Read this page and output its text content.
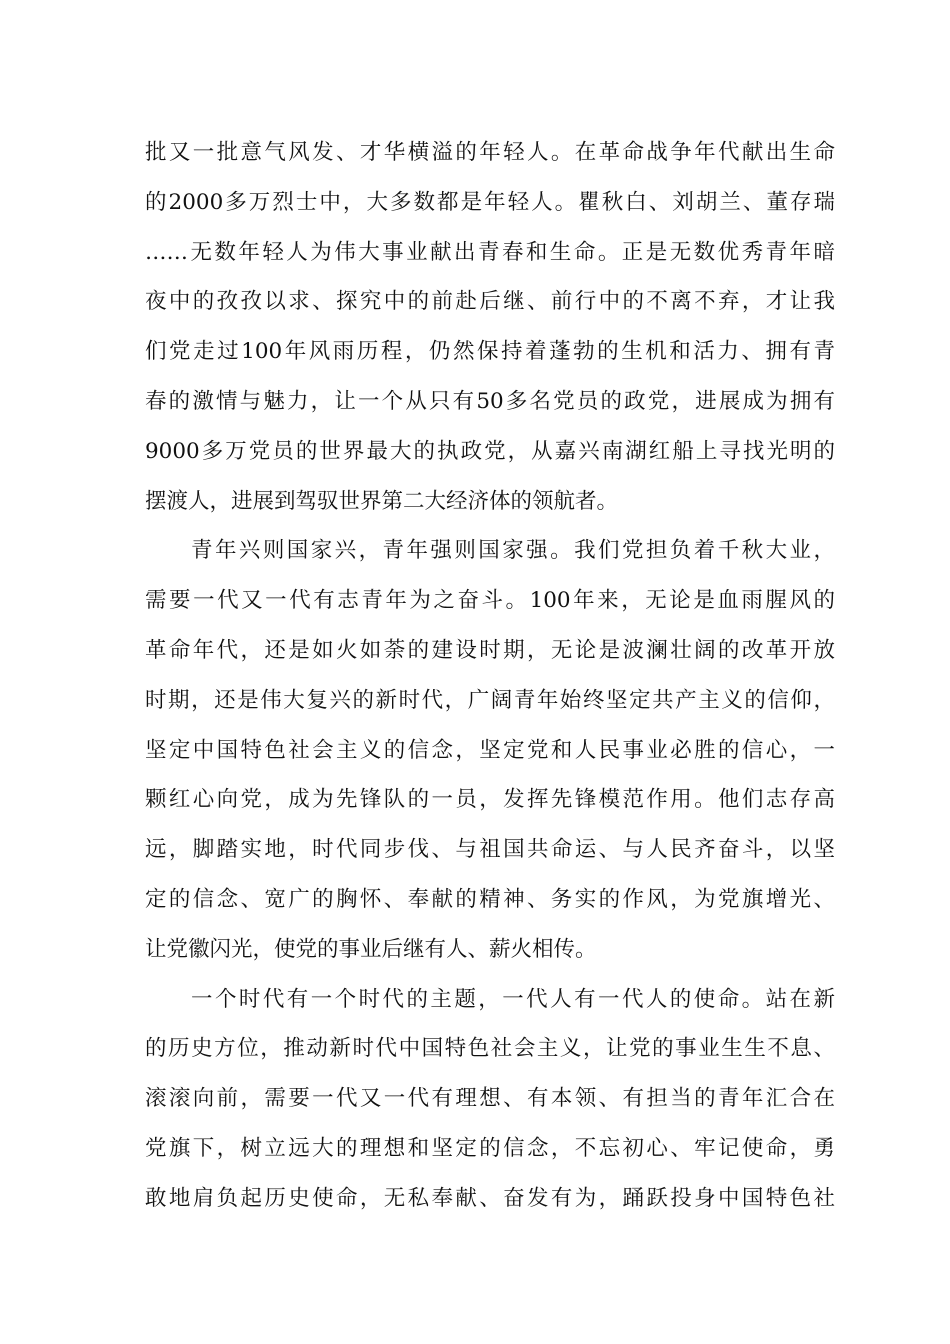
批又一批意气风发、才华横溢的年轻人。在革命战争年代献出生命
的2000多万烈士中，大多数都是年轻人。瞿秋白、刘胡兰、董存瑞
……无数年轻人为伟大事业献出青春和生命。正是无数优秀青年暗
夜中的孜孜以求、探究中的前赴后继、前行中的不离不弃，才让我
们党走过100年风雨历程，仍然保持着蓬勃的生机和活力、拥有青
春的激情与魅力，让一个从只有50多名党员的政党，进展成为拥有
9000多万党员的世界最大的执政党，从嘉兴南湖红船上寻找光明的
摆渡人，进展到驾驭世界第二大经济体的领航者。
青年兴则国家兴，青年强则国家强。我们党担负着千秋大业，
需要一代又一代有志青年为之奋斗。100年来，无论是血雨腥风的
革命年代，还是如火如荼的建设时期，无论是波澜壮阔的改革开放
时期，还是伟大复兴的新时代，广阔青年始终坚定共产主义的信仰，
坚定中国特色社会主义的信念，坚定党和人民事业必胜的信心，一
颗红心向党，成为先锋队的一员，发挥先锋模范作用。他们志存高
远，脚踏实地，时代同步伐、与祖国共命运、与人民齐奋斗，以坚
定的信念、宽广的胸怀、奉献的精神、务实的作风，为党旗增光、
让党徽闪光，使党的事业后继有人、薪火相传。
一个时代有一个时代的主题，一代人有一代人的使命。站在新
的历史方位，推动新时代中国特色社会主义，让党的事业生生不息、
滚滚向前，需要一代又一代有理想、有本领、有担当的青年汇合在
党旗下，树立远大的理想和坚定的信念，不忘初心、牢记使命，勇
敢地肩负起历史使命，无私奉献、奋发有为，踊跃投身中国特色社
